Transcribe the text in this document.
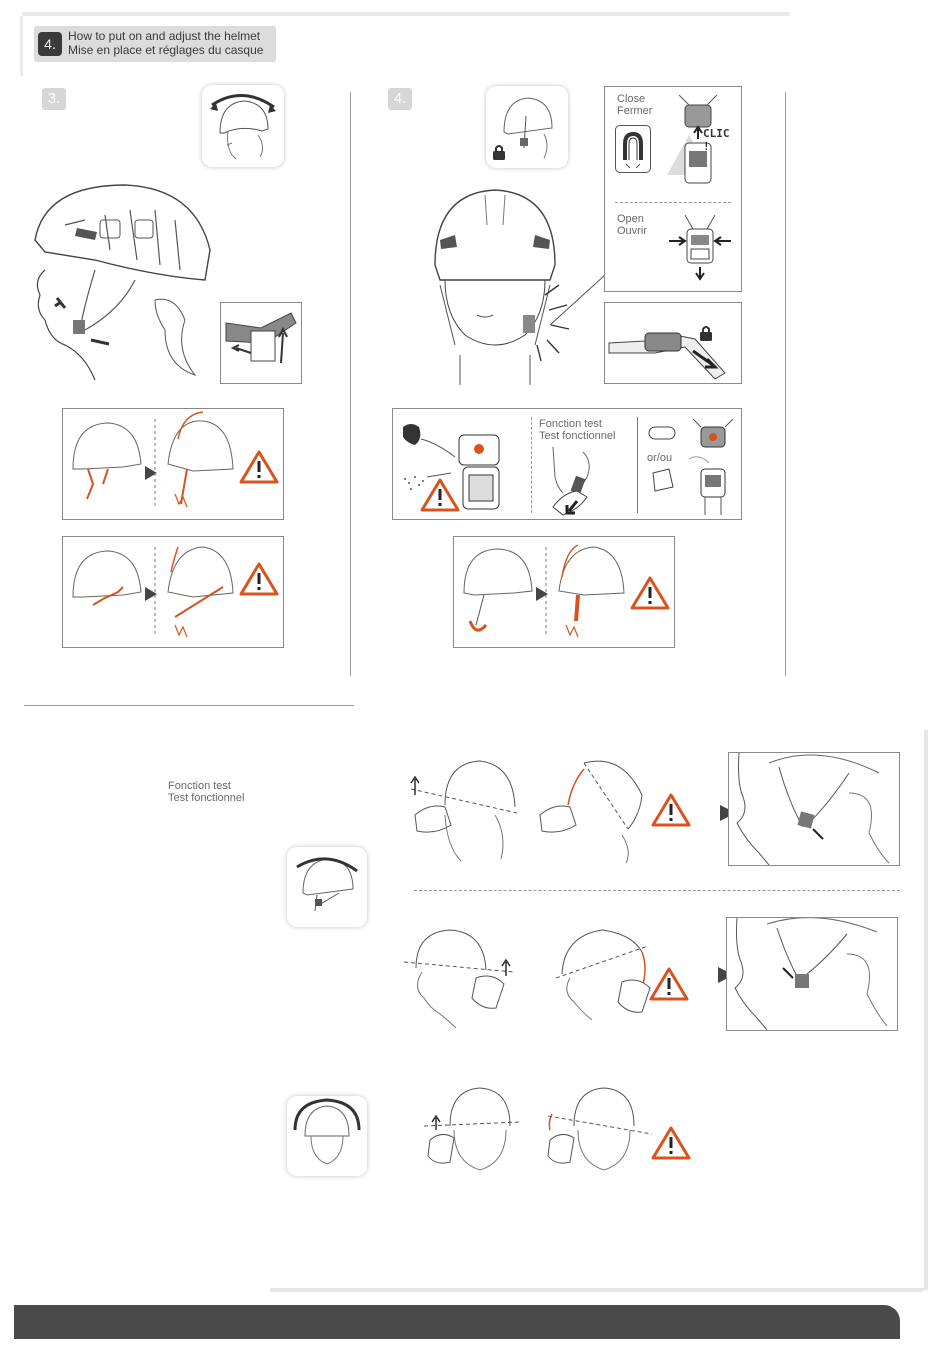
4.	How to put on and adjust the helmet
Mise en place et réglages du casque
3.	4.	Close
Fermer
CLIC !
Open
Ouvrir
Fonction test
Test fonctionnel
or/ou
Fonction test
Test fonctionnel
